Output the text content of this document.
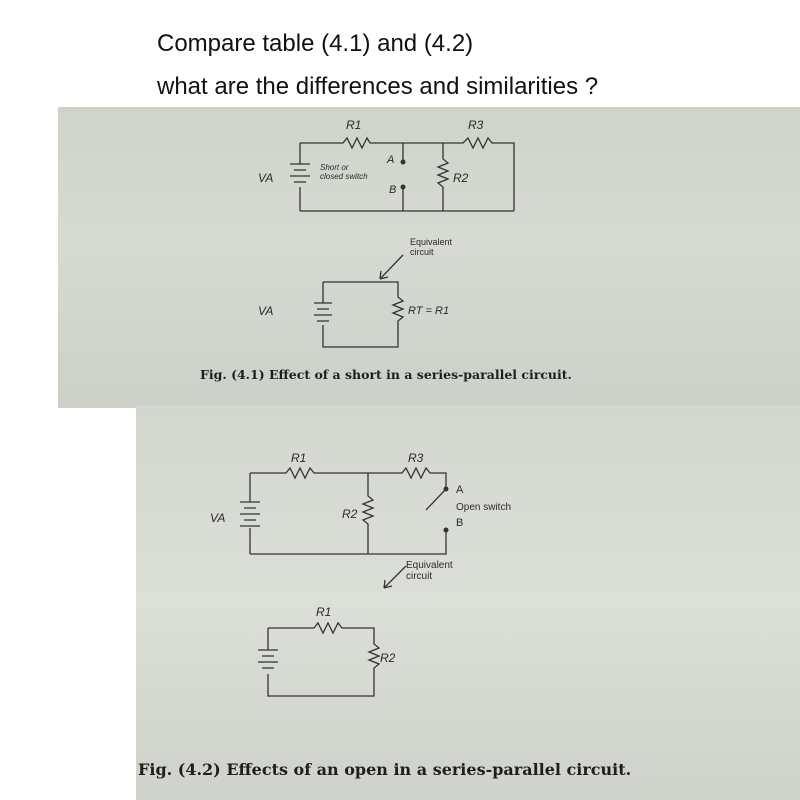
Compare table (4.1) and (4.2)
what are the differences and similarities ?
R1	R3
R2
VA
A
B
Short or
closed switch
Equivalent
circuit
VA	RT = R1
Fig. (4.1) Effect of a short in a series-parallel circuit.
R1	R3
R2
VA
A
B
Open switch
Equivalent
circuit
R1
R2
Fig. (4.2) Effects of an open in a series-parallel circuit.
